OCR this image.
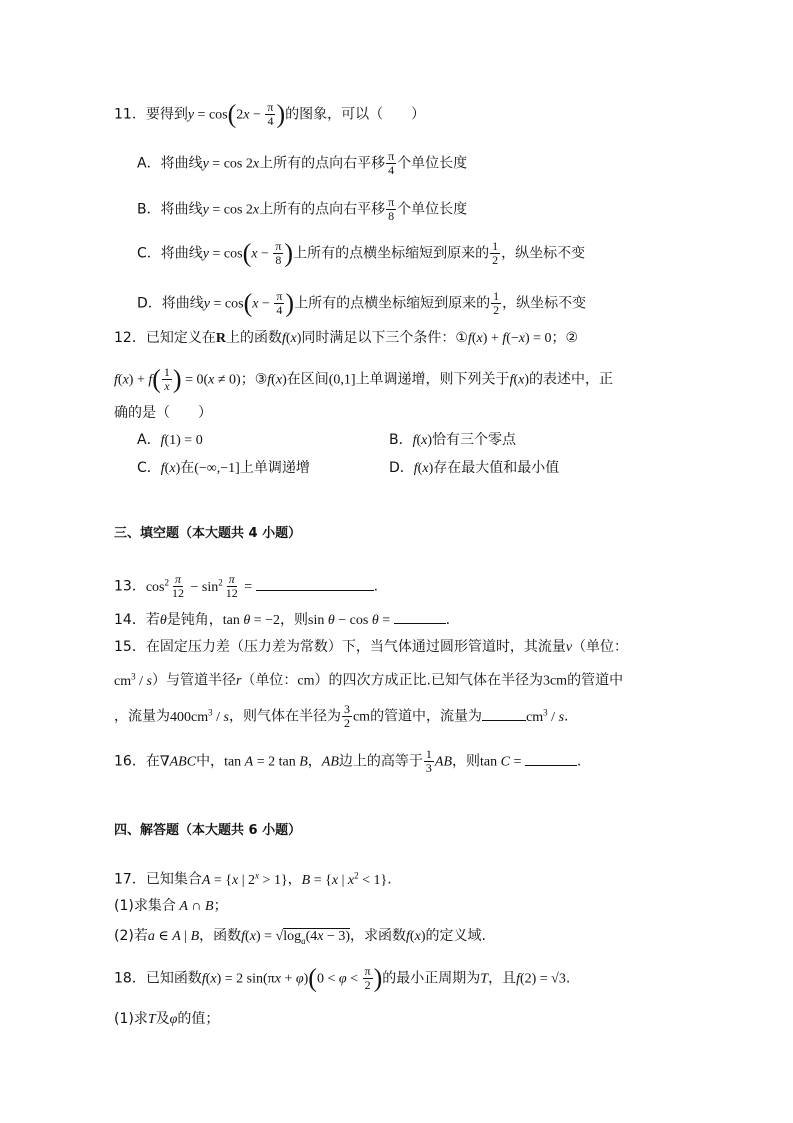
11．要得到$y = \cos(2x - \frac{\pi}{4}$ )的图象，可以（　　）
A．将曲线y = cos 2x上所有的点向右平移 $\frac{\pi}{4}$ 个单位长度
B．将曲线y = cos 2x上所有的点向右平移 $\frac{\pi}{8}$ 个单位长度
C．将曲线$y = \cos(x - \frac{\pi}{8}$ )上所有的点横坐标缩短到原来的 $\frac{1}{2}$ ，纵坐标不变
D．将曲线$y = \cos(x - \frac{\pi}{4}$ )上所有的点横坐标缩短到原来的 $\frac{1}{2}$ ，纵坐标不变
12．已知定义在R上的函数f(x)同时满足以下三个条件：①f(x) + f(−x) = 0；②
$f(x) + f( \frac{1}{x}$ ) = 0(x ≠ 0)；③f(x)在区间(0,1]上单调递增，则下列关于f(x)的表述中，正
确的是（　　）
A．f(1) = 0	B．f(x)恰有三个零点
C．f(x)在(−∞,−1]上单调递增	D．f(x)存在最大值和最小值
三、填空题（本大题共 4 小题）
13．$\cos^2 \frac{\pi}{12} - \sin^2 \frac{\pi}{12}$ =	.
14．若θ是钝角，tan θ = −2，则sin θ − cos θ =	.
15．在固定压力差（压力差为常数）下，当气体通过圆形管道时，其流量v（单位：
$cm^3 / s$）与管道半径r（单位：cm）的四次方成正比.已知气体在半径为3cm的管道中
，流量为$400cm^3$ / s，则气体在半径为 $\frac{3}{2}$ cm的管道中，流量为	$cm^3$ / s.
16．在∇ABC中，tan A = 2 tan B，AB边上的高等于 $\frac{1}{3}$ AB，则tan C =	.
四、解答题（本大题共 6 小题）
17．已知集合A = {x | $2^x > 1$}，B = {x | $x^2 < 1$}.
(1)求集合 A ∩ B；
(2)若a ∈ A | B，函数$f(x) = √\log_a(4x - 3)$，求函数f(x)的定义域.
18．已知函数f(x) = 2 $\sin(\pi x + \varphi)(0 < \varphi < \frac{\pi}{2}$ )的最小正周期为T，且f(2) = √3.
(1)求T及φ的值；
